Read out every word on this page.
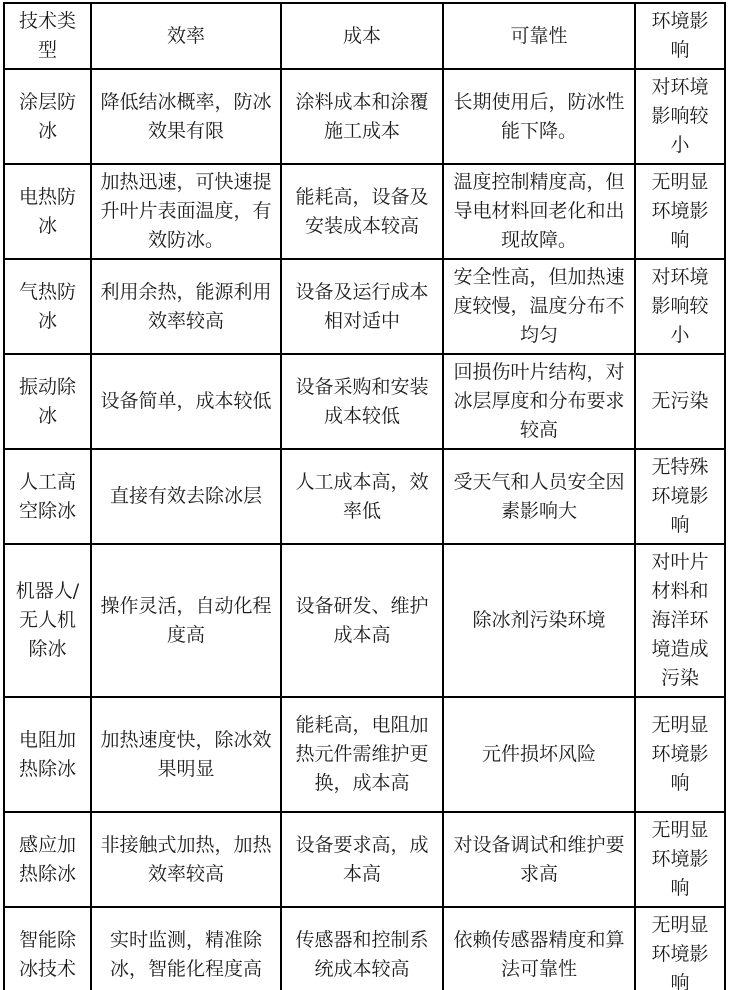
技术类型	效率	成本	可靠性	环境影响
涂层防冰	降低结冰概率，防冰效果有限	涂料成本和涂覆施工成本	长期使用后，防冰性能下降。	对环境影响较小
电热防冰	加热迅速，可快速提升叶片表面温度，有效防冰。	能耗高，设备及安装成本较高	温度控制精度高，但导电材料回老化和出现故障。	无明显环境影响
气热防冰	利用余热，能源利用效率较高	设备及运行成本相对适中	安全性高，但加热速度较慢，温度分布不均匀	对环境影响较小
振动除冰	设备简单，成本较低	设备采购和安装成本较低	回损伤叶片结构，对冰层厚度和分布要求较高	无污染
人工高空除冰	直接有效去除冰层	人工成本高，效率低	受天气和人员安全因素影响大	无特殊环境影响
机器人/无人机除冰	操作灵活，自动化程度高	设备研发、维护成本高	除冰剂污染环境	对叶片材料和海洋环境造成污染
电阻加热除冰	加热速度快，除冰效果明显	能耗高，电阻加热元件需维护更换，成本高	元件损坏风险	无明显环境影响
感应加热除冰	非接触式加热，加热效率较高	设备要求高，成本高	对设备调试和维护要求高	无明显环境影响
智能除冰技术	实时监测，精准除冰，智能化程度高	传感器和控制系统成本较高	依赖传感器精度和算法可靠性	无明显环境影响
